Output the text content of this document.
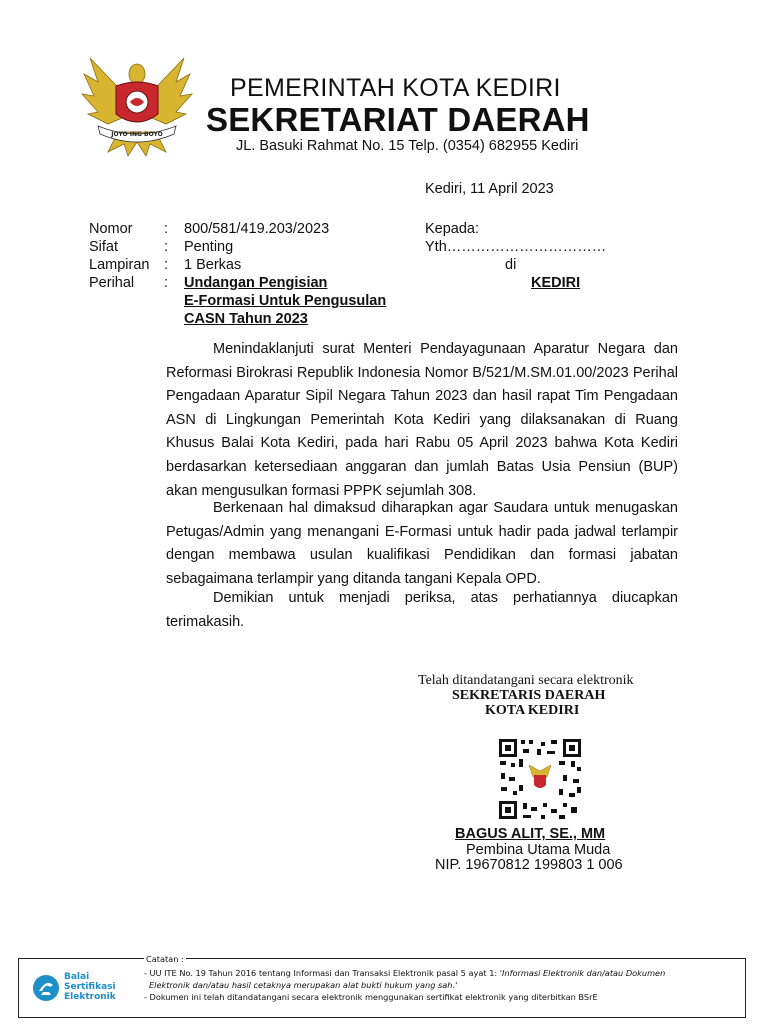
JOYO ING BOYO
PEMERINTAH KOTA KEDIRI
SEKRETARIAT DAERAH
JL. Basuki Rahmat No. 15 Telp. (0354) 682955 Kediri
Kediri, 11 April 2023
Nomor : 800/581/419.203/2023
Sifat	: Penting
Lampiran : 1 Berkas
Perihal : Undangan Pengisian
E-Formasi Untuk Pengusulan
CASN Tahun 2023
Kepada:
Yth……………………………
di
KEDIRI
Menindaklanjuti surat Menteri Pendayagunaan Aparatur Negara dan Reformasi Birokrasi Republik Indonesia Nomor B/521/M.SM.01.00/2023 Perihal Pengadaan Aparatur Sipil Negara Tahun 2023 dan hasil rapat Tim Pengadaan ASN di Lingkungan Pemerintah Kota Kediri yang dilaksanakan di Ruang Khusus Balai Kota Kediri, pada hari Rabu 05 April 2023 bahwa Kota Kediri berdasarkan ketersediaan anggaran dan jumlah Batas Usia Pensiun (BUP) akan mengusulkan formasi PPPK sejumlah 308.
Berkenaan hal dimaksud diharapkan agar Saudara untuk menugaskan Petugas/Admin yang menangani E-Formasi untuk hadir pada jadwal terlampir dengan membawa usulan kualifikasi Pendidikan dan formasi jabatan sebagaimana terlampir yang ditanda tangani Kepala OPD.
Demikian untuk menjadi periksa, atas perhatiannya diucapkan terimakasih.
Telah ditandatangani secara elektronik
SEKRETARIS DAERAH
KOTA KEDIRI
BAGUS ALIT, SE., MM
Pembina Utama Muda
NIP. 19670812 199803 1 006
Balai
Sertifikasi
Elektronik
Catatan :
- UU ITE No. 19 Tahun 2016 tentang Informasi dan Transaksi Elektronik pasal 5 ayat 1: 'Informasi Elektronik dan/atau Dokumen
Elektronik dan/atau hasil cetaknya merupakan alat bukti hukum yang sah.'
- Dokumen ini telah ditandatangani secara elektronik menggunakan sertifikat elektronik yang diterbitkan BSrE
